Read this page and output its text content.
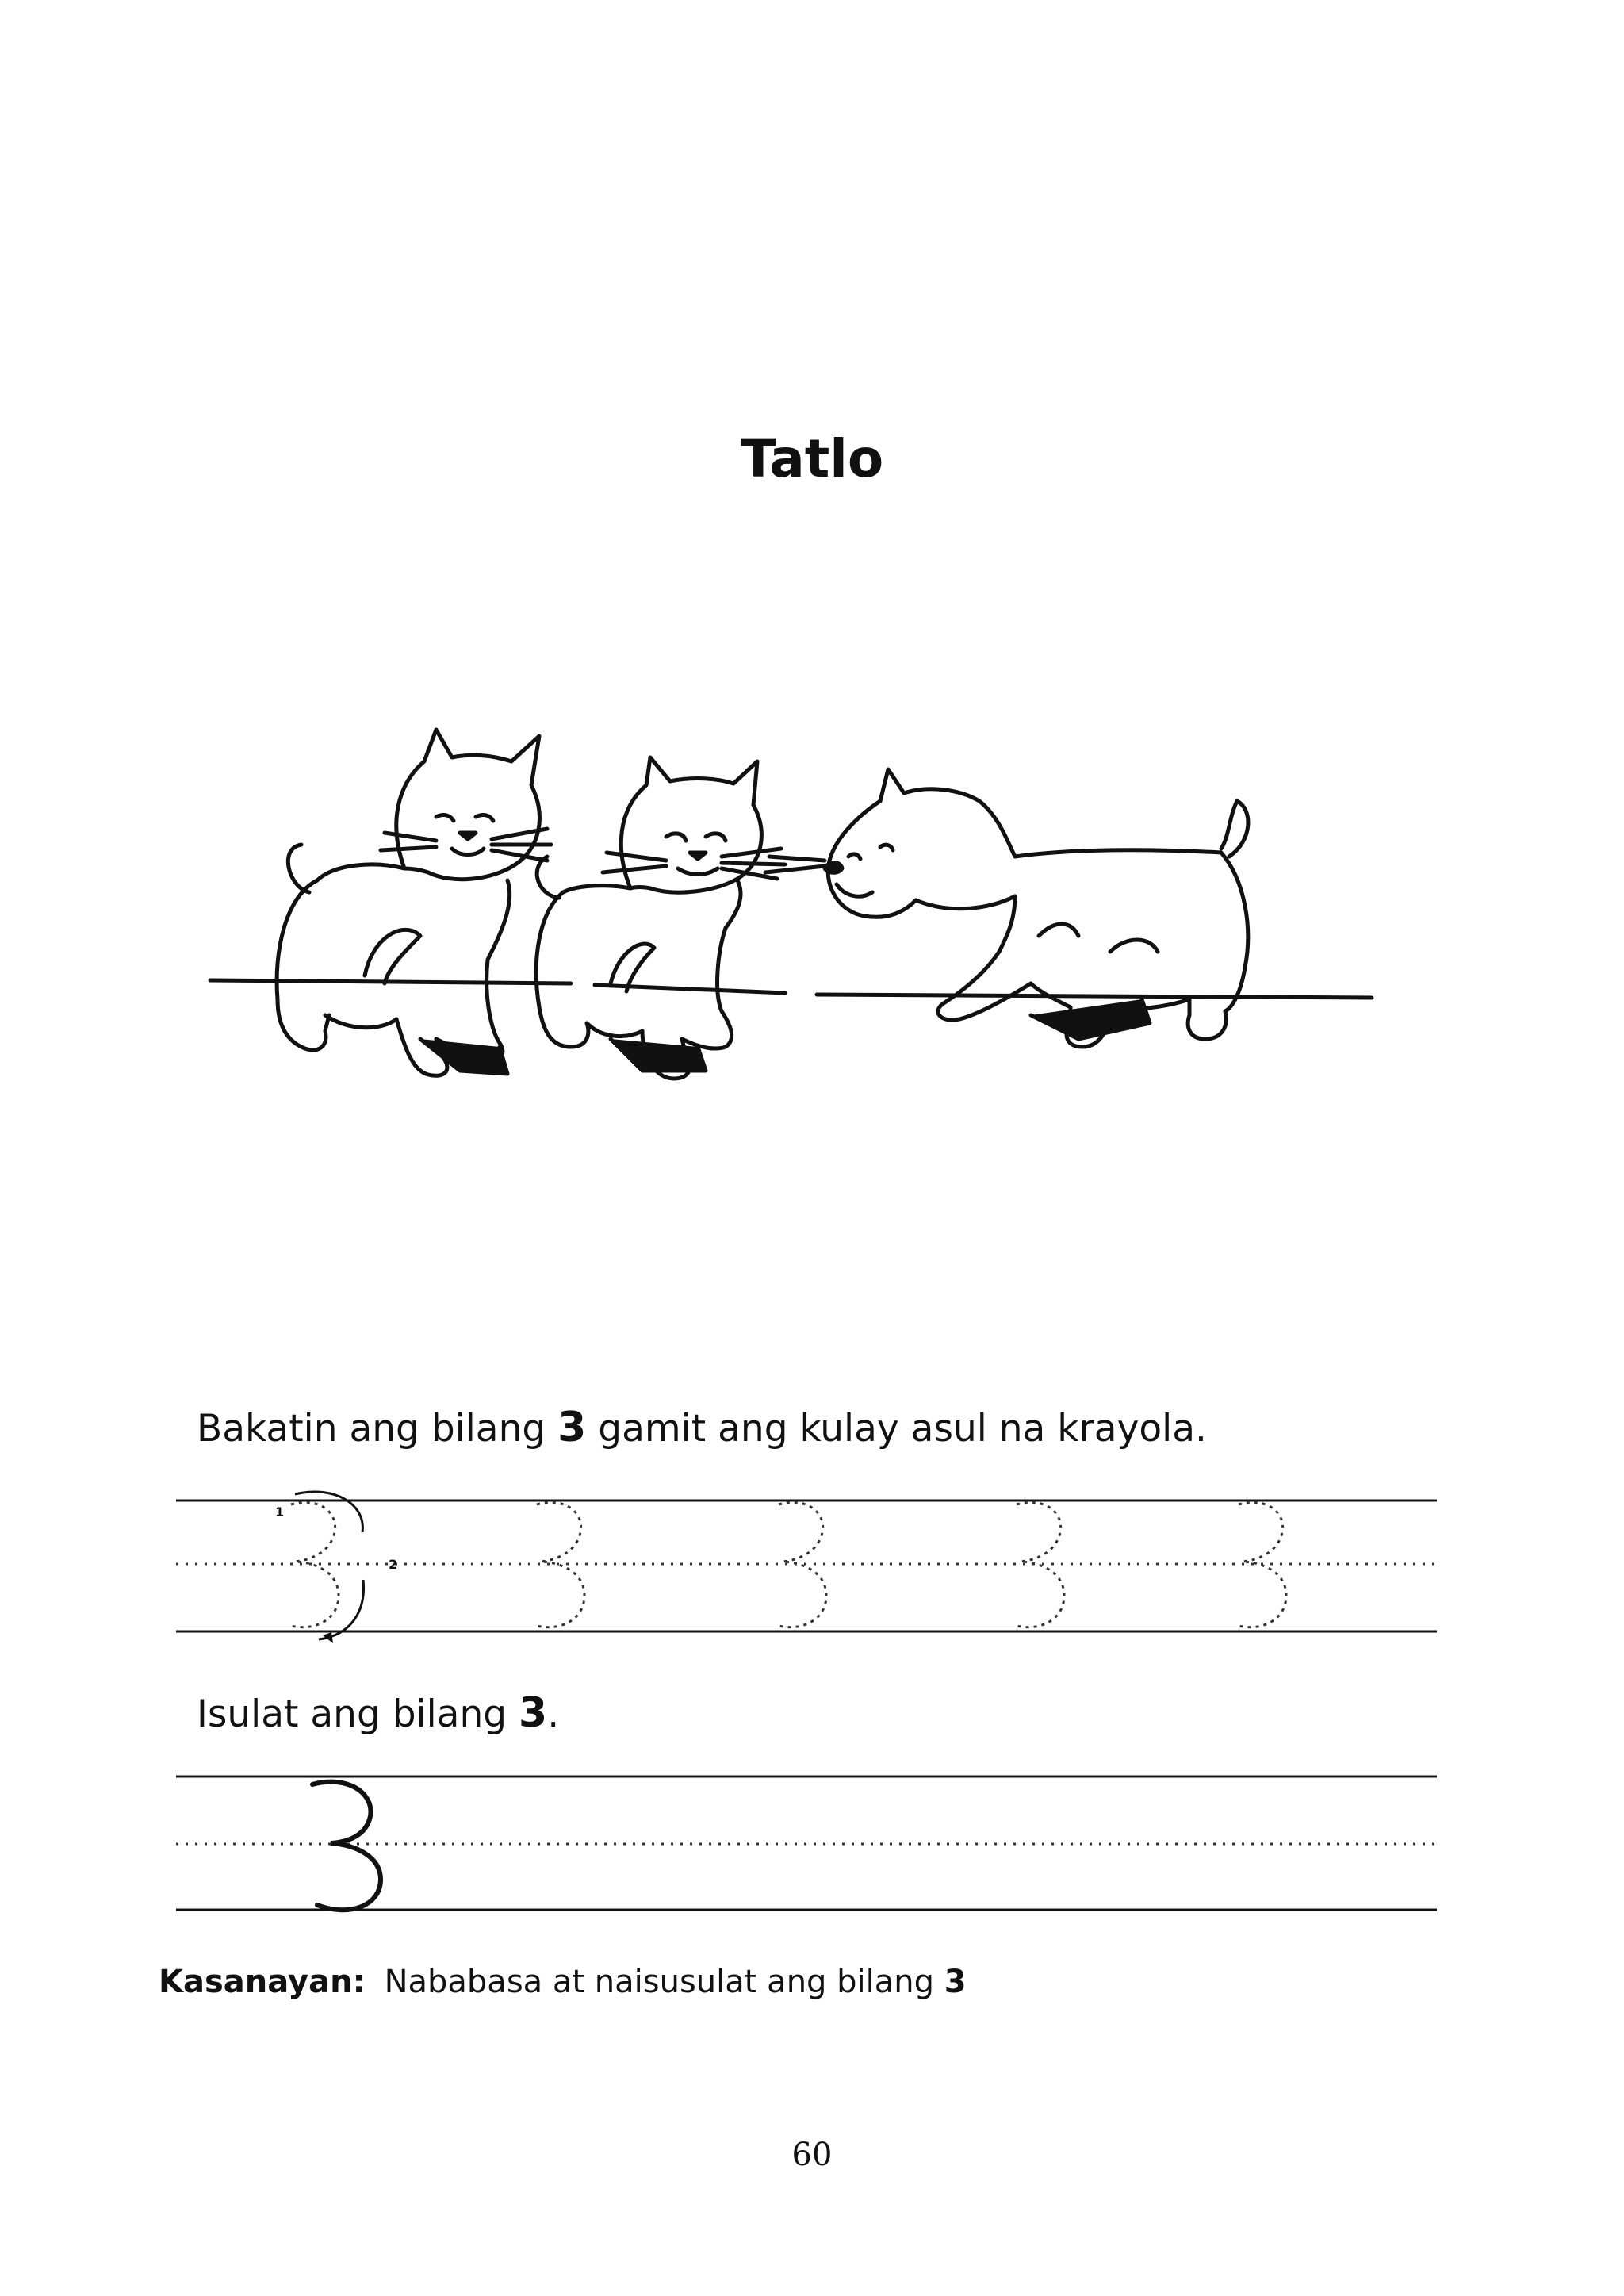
Tatlo
Bakatin ang bilang 3 gamit ang kulay asul na krayola.
1
2
Isulat ang bilang 3.
Kasanayan: Nababasa at naisusulat ang bilang 3
60
